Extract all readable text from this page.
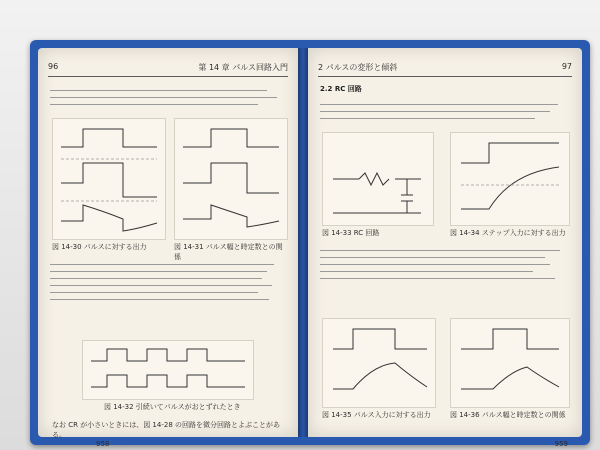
96	第 14 章 パルス回路入門
図 14-30 パルスに対する出力	図 14-31 パルス幅と時定数との関係
図 14-32 引続いてパルスがおとずれたとき
なお CR が小さいときには、図 14-28 の回路を微分回路とよぶことがある。
958
2 パルスの変形と傾斜	97
2.2 RC 回路
図 14-33 RC 回路	図 14-34 ステップ入力に対する出力
図 14-35 パルス入力に対する出力	図 14-36 パルス幅と時定数との関係
959
